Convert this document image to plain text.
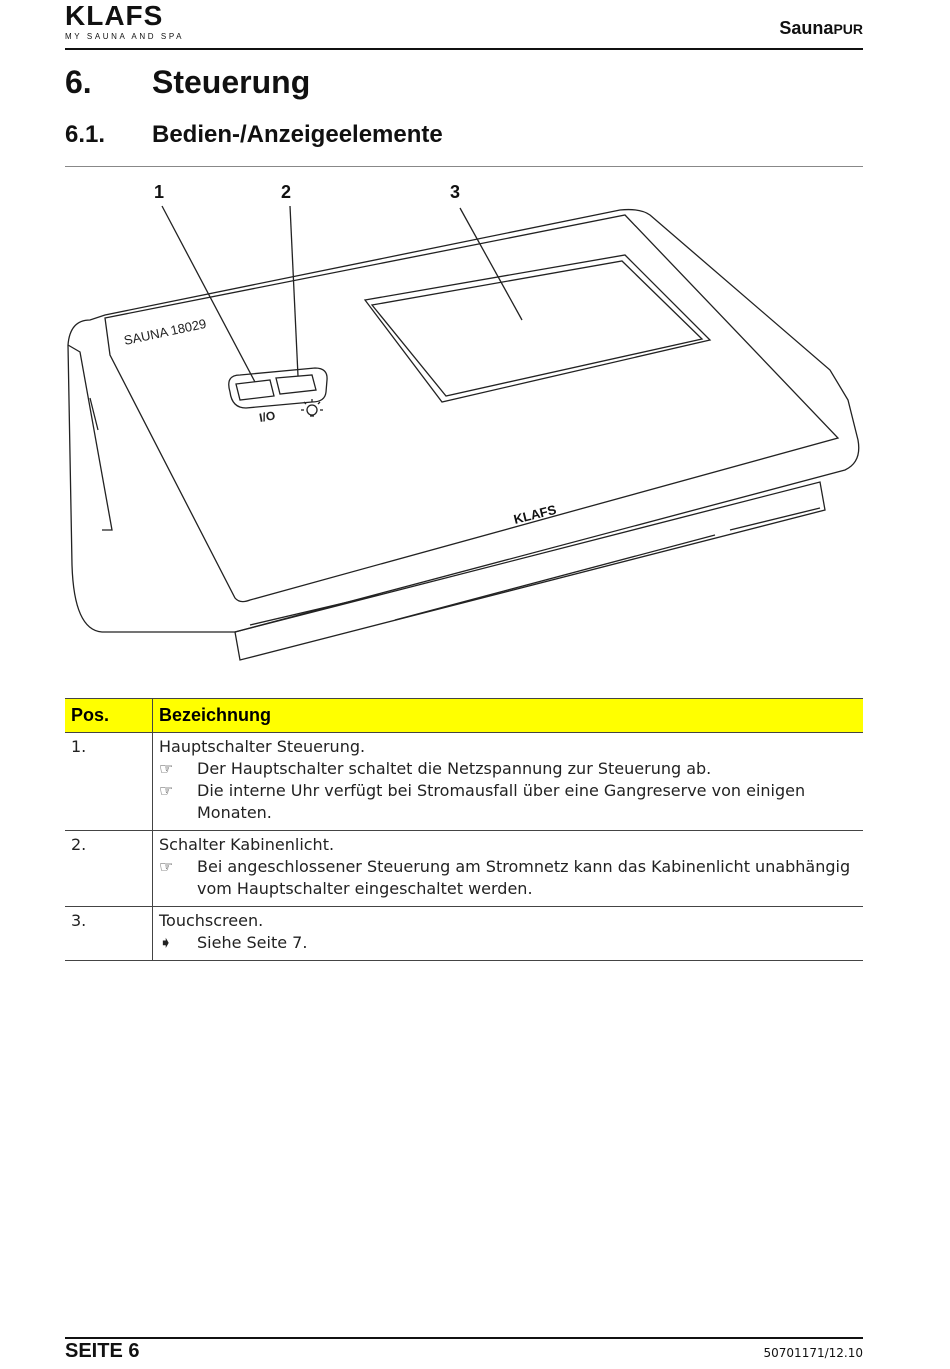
KLAFS
MY SAUNA AND SPA	SaunaPUR
6. Steuerung
6.1. Bedien-/Anzeigeelemente
1	2	3
SAUNA 18029
I/O
KLAFS
Pos.	Bezeichnung
1.	Hauptschalter Steuerung.
☞ Der Hauptschalter schaltet die Netzspannung zur Steuerung ab.
☞ Die interne Uhr verfügt bei Stromausfall über eine Gangreserve von einigen Monaten.

2.	Schalter Kabinenlicht.
☞ Bei angeschlossener Steuerung am Stromnetz kann das Kabinenlicht unabhängig vom Hauptschalter eingeschaltet werden.

3.	Touchscreen.
➧ Siehe Seite 7.
SEITE 6	50701171/12.10
